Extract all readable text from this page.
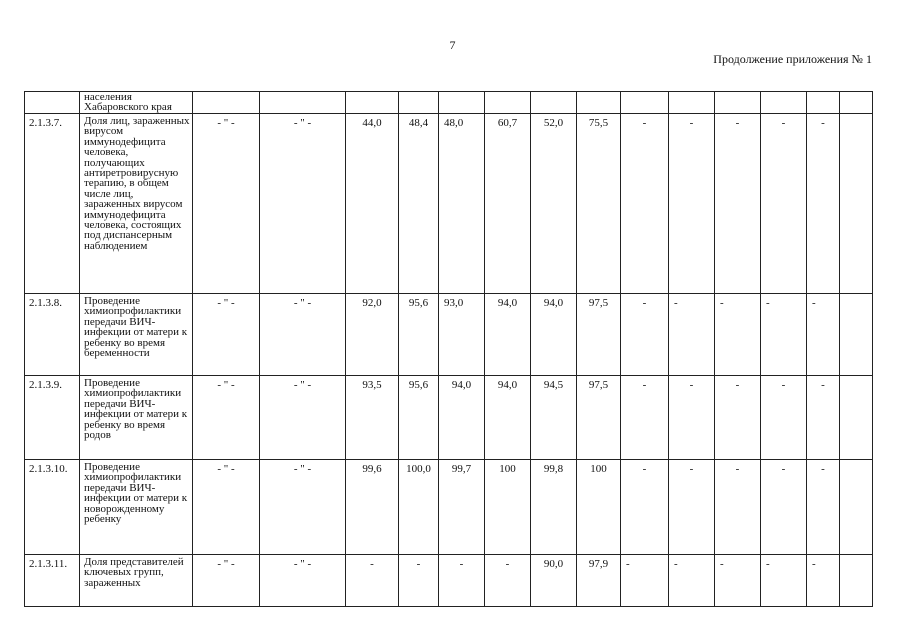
7
Продолжение приложения № 1
	населения Хабаровского края														
2.1.3.7.	Доля лиц, зараженных вирусом иммунодефицита человека, получающих антиретровирусную терапию, в общем числе лиц, зараженных вирусом иммунодефицита человека, состоящих под диспансерным наблюдением	- " -	- " -	44,0	48,4	48,0	60,7	52,0	75,5	-	-	-	-	-	
2.1.3.8.	Проведение химиопрофилактики передачи ВИЧ-инфекции от матери к ребенку во время беременности	- " -	- " -	92,0	95,6	93,0	94,0	94,0	97,5	-	-	-	-	-	
2.1.3.9.	Проведение химиопрофилактики передачи ВИЧ-инфекции от матери к ребенку во время родов	- " -	- " -	93,5	95,6	94,0	94,0	94,5	97,5	-	-	-	-	-	
2.1.3.10.	Проведение химиопрофилактики передачи ВИЧ-инфекции от матери к новорожденному ребенку	- " -	- " -	99,6	100,0	99,7	100	99,8	100	-	-	-	-	-	
2.1.3.11.	Доля представителей ключевых групп, зараженных	- " -	- " -	-	-	-	-	90,0	97,9	-	-	-	-	-	
